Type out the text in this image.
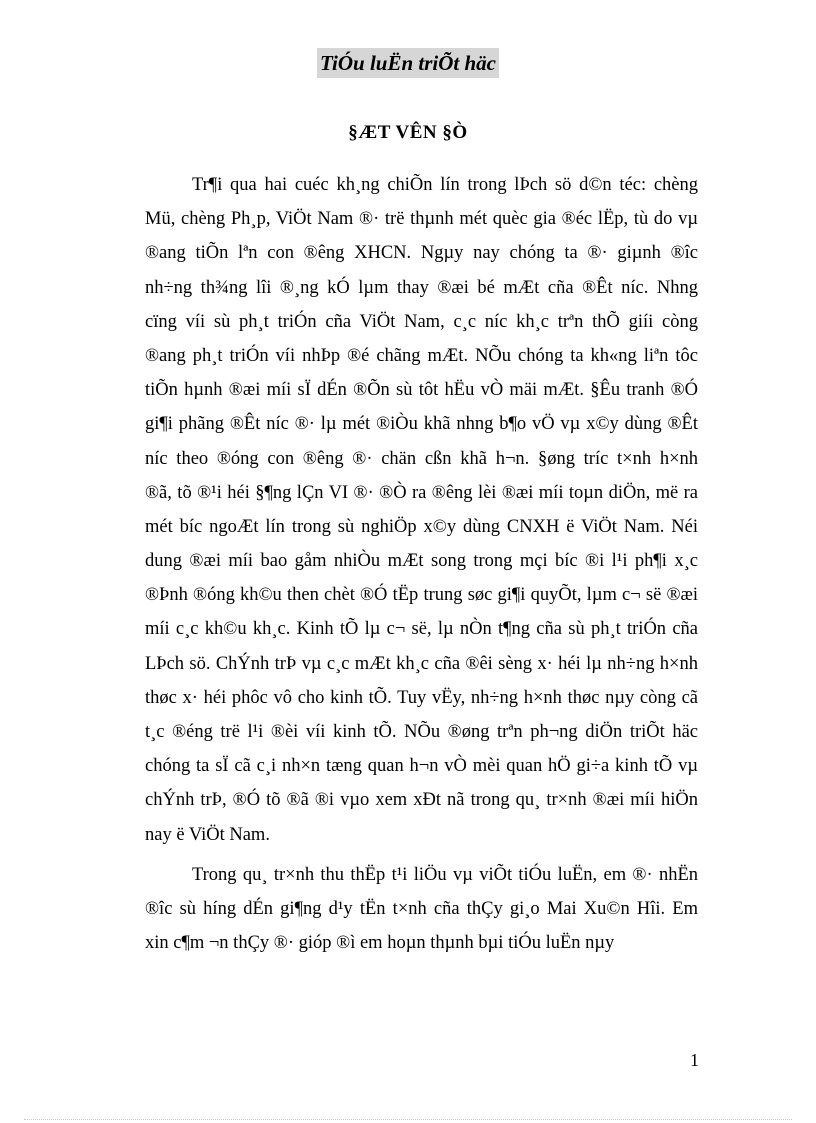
TiÓu luËn triÕt häc
§ÆT VÊN §Ò
Tr¶i qua hai cuéc kh¸ng chiÕn lín trong lÞch sö d©n téc: chèng
Mü, chèng Ph¸p, ViÖt Nam ®· trë thµnh mét quèc gia ®éc lËp, tù do vµ
®ang tiÕn lªn con ®êng XHCN. Ngµy nay chóng ta ®· giµnh ®îc
nh÷ng th¾ng lîi ®¸ng kÓ lµm thay ®æi bé mÆt cña ®Êt níc. Nhng
cïng víi sù ph¸t triÓn cña ViÖt Nam, c¸c níc kh¸c trªn thÕ giíi còng
®ang ph¸t triÓn víi nhÞp ®é chãng mÆt. NÕu chóng ta kh«ng liªn tôc
tiÕn hµnh ®æi míi sÏ dÉn ®Õn sù tôt hËu vÒ mäi mÆt. §Êu tranh ®Ó
gi¶i phãng ®Êt níc ®· lµ mét ®iÒu khã nhng b¶o vÖ vµ x©y dùng ®Êt
níc theo ®óng con ®êng ®· chän cßn khã h¬n. §øng tríc t×nh h×nh
®ã, tõ ®¹i héi §¶ng lÇn VI ®· ®Ò ra ®êng lèi ®æi míi toµn diÖn, më ra
mét bíc ngoÆt lín trong sù nghiÖp x©y dùng CNXH ë ViÖt Nam. Néi
dung ®æi míi bao gåm nhiÒu mÆt song trong mçi bíc ®i l¹i ph¶i x¸c
®Þnh ®óng kh©u then chèt ®Ó tËp trung søc gi¶i quyÕt, lµm c¬ së ®æi
míi c¸c kh©u kh¸c. Kinh tÕ lµ c¬ së, lµ nÒn t¶ng cña sù ph¸t triÓn cña
LÞch sö. ChÝnh trÞ vµ c¸c mÆt kh¸c cña ®êi sèng x· héi lµ nh÷ng h×nh
thøc x· héi phôc vô cho kinh tÕ. Tuy vËy, nh÷ng h×nh thøc nµy còng cã
t¸c ®éng trë l¹i ®èi víi kinh tÕ. NÕu ®øng trªn ph¬ng diÖn triÕt häc
chóng ta sÏ cã c¸i nh×n tæng quan h¬n vÒ mèi quan hÖ gi÷a kinh tÕ vµ
chÝnh trÞ, ®Ó tõ ®ã ®i vµo xem xÐt nã trong qu¸ tr×nh ®æi míi hiÖn
nay ë ViÖt Nam.
Trong qu¸ tr×nh thu thËp t¹i liÖu vµ viÕt tiÓu luËn, em ®· nhËn
®îc sù híng dÉn gi¶ng d¹y tËn t×nh cña thÇy gi¸o Mai Xu©n Hîi. Em
xin c¶m ¬n thÇy ®· gióp ®ì em hoµn thµnh bµi tiÓu luËn nµy
1
